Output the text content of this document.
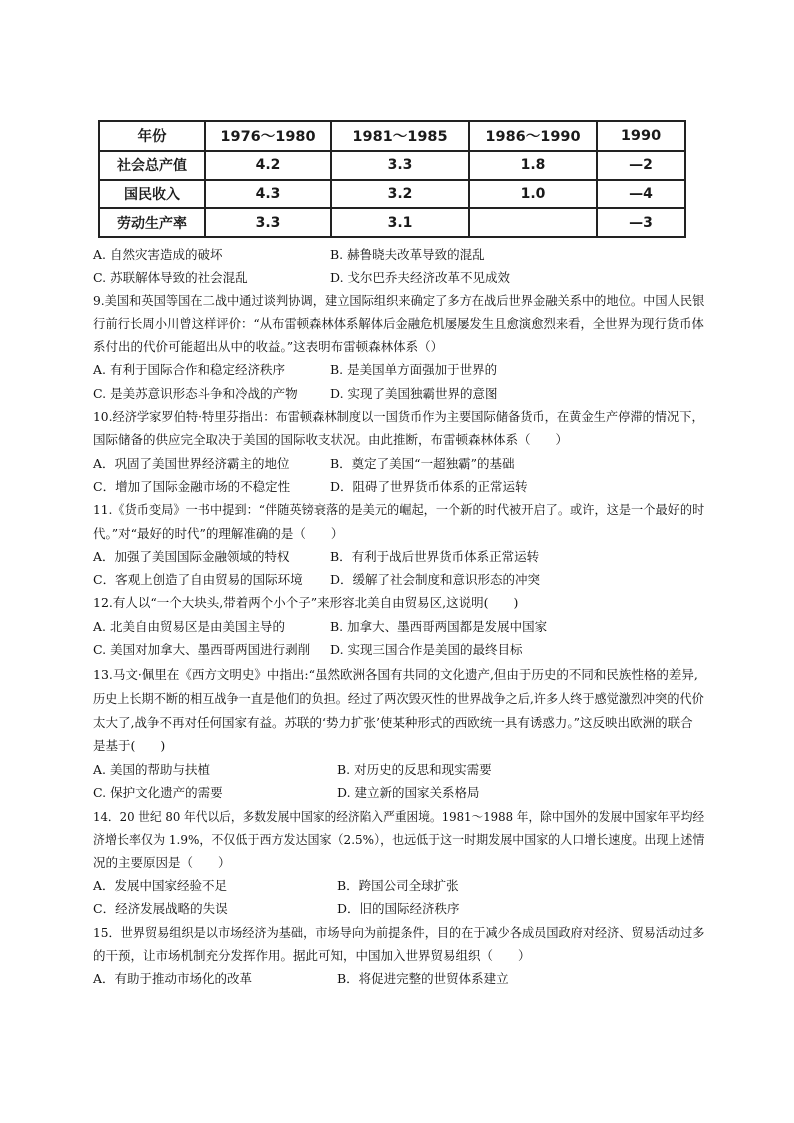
年份	1976～1980	1981～1985	1986～1990	1990
社会总产值	4.2	3.3	1.8	—2
国民收入	4.3	3.2	1.0	—4
劳动生产率	3.3	3.1		—3
A. 自然灾害造成的破坏	B. 赫鲁晓夫改革导致的混乱
C. 苏联解体导致的社会混乱	D. 戈尔巴乔夫经济改革不见成效
9.美国和英国等国在二战中通过谈判协调，建立国际组织来确定了多方在战后世界金融关系中的地位。中国人民银
行前行长周小川曾这样评价：“从布雷顿森林体系解体后金融危机屡屡发生且愈演愈烈来看，全世界为现行货币体
系付出的代价可能超出从中的收益。”这表明布雷顿森林体系（）
A. 有利于国际合作和稳定经济秩序	B. 是美国单方面强加于世界的
C. 是美苏意识形态斗争和冷战的产物	D. 实现了美国独霸世界的意图
10.经济学家罗伯特·特里芬指出：布雷顿森林制度以一国货币作为主要国际储备货币，在黄金生产停滞的情况下，
国际储备的供应完全取决于美国的国际收支状况。由此推断，布雷顿森林体系（　　）
A．巩固了美国世界经济霸主的地位	B．奠定了美国“一超独霸”的基础
C．增加了国际金融市场的不稳定性	D．阻碍了世界货币体系的正常运转
11.《货币变局》一书中提到：“伴随英镑衰落的是美元的崛起，一个新的时代被开启了。或许，这是一个最好的时
代。”对“最好的时代”的理解准确的是（　　）
A．加强了美国国际金融领域的特权	B．有利于战后世界货币体系正常运转
C．客观上创造了自由贸易的国际环境 D．缓解了社会制度和意识形态的冲突
12.有人以“一个大块头,带着两个小个子”来形容北美自由贸易区,这说明(　　)
A. 北美自由贸易区是由美国主导的	B. 加拿大、墨西哥两国都是发展中国家
C. 美国对加拿大、墨西哥两国进行剥削 D. 实现三国合作是美国的最终目标
13.马文·佩里在《西方文明史》中指出:“虽然欧洲各国有共同的文化遗产,但由于历史的不同和民族性格的差异,
历史上长期不断的相互战争一直是他们的负担。经过了两次毁灭性的世界战争之后,许多人终于感觉激烈冲突的代价
太大了,战争不再对任何国家有益。苏联的‘势力扩张’使某种形式的西欧统一具有诱惑力。”这反映出欧洲的联合
是基于(　　)
A. 美国的帮助与扶植	B. 对历史的反思和现实需要
C. 保护文化遗产的需要	D. 建立新的国家关系格局
14．20 世纪 80 年代以后，多数发展中国家的经济陷入严重困境。1981～1988 年，除中国外的发展中国家年平均经
济增长率仅为 1.9%，不仅低于西方发达国家（2.5%），也远低于这一时期发展中国家的人口增长速度。出现上述情
况的主要原因是（　　）
A．发展中国家经验不足	B．跨国公司全球扩张
C．经济发展战略的失误	D．旧的国际经济秩序
15．世界贸易组织是以市场经济为基础，市场导向为前提条件，目的在于减少各成员国政府对经济、贸易活动过多
的干预，让市场机制充分发挥作用。据此可知，中国加入世界贸易组织（　　）
A．有助于推动市场化的改革	B．将促进完整的世贸体系建立
